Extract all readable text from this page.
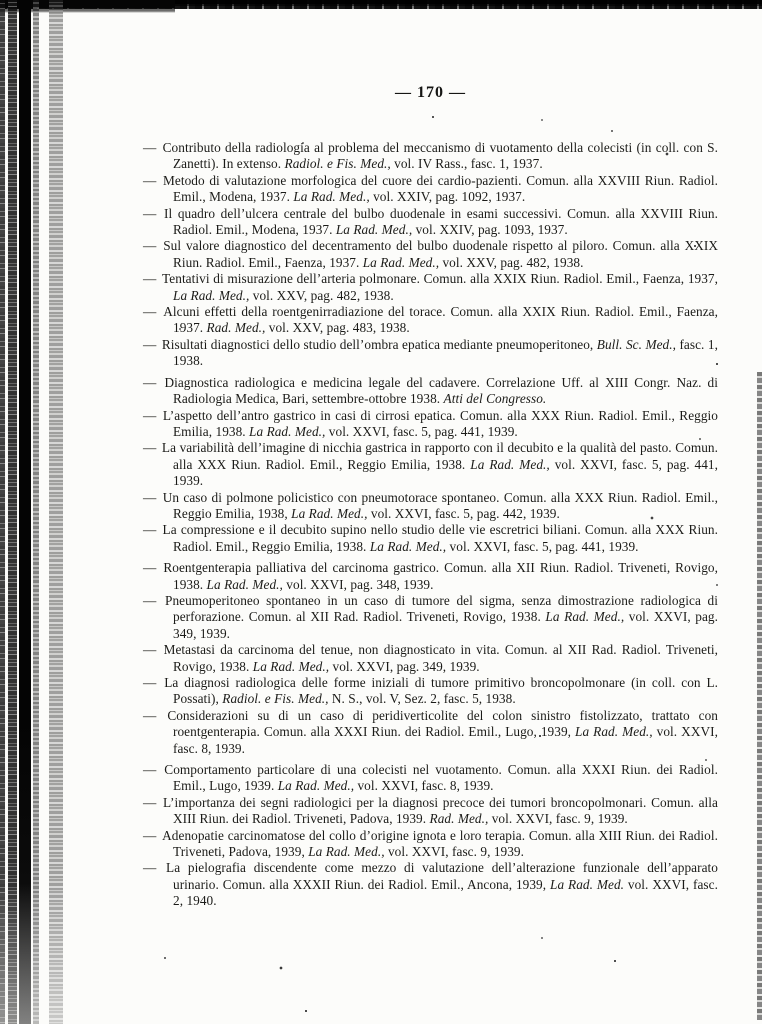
— 170 —
— Contributo della radiologia al problema del meccanismo di vuotamento della colecisti (in coll. con S. Zanetti). In extenso. Radiol. e Fis. Med., vol. IV Rass., fasc. 1, 1937.
— Metodo di valutazione morfologica del cuore dei cardio-pazienti. Comun. alla XXVIII Riun. Radiol. Emil., Modena, 1937. La Rad. Med., vol. XXIV, pag. 1092, 1937.
— Il quadro dell’ulcera centrale del bulbo duodenale in esami successivi. Comun. alla XXVIII Riun. Radiol. Emil., Modena, 1937. La Rad. Med., vol. XXIV, pag. 1093, 1937.
— Sul valore diagnostico del decentramento del bulbo duodenale rispetto al piloro. Comun. alla XXIX Riun. Radiol. Emil., Faenza, 1937. La Rad. Med., vol. XXV, pag. 482, 1938.
— Tentativi di misurazione dell’arteria polmonare. Comun. alla XXIX Riun. Radiol. Emil., Faenza, 1937, La Rad. Med., vol. XXV, pag. 482, 1938.
— Alcuni effetti della roentgenirradiazione del torace. Comun. alla XXIX Riun. Radiol. Emil., Faenza, 1937. Rad. Med., vol. XXV, pag. 483, 1938.
— Risultati diagnostici dello studio dell’ombra epatica mediante pneumoperitoneo, Bull. Sc. Med., fasc. 1, 1938.
— Diagnostica radiologica e medicina legale del cadavere. Correlazione Uff. al XIII Congr. Naz. di Radiologia Medica, Bari, settembre-ottobre 1938. Atti del Congresso.
— L’aspetto dell’antro gastrico in casi di cirrosi epatica. Comun. alla XXX Riun. Radiol. Emil., Reggio Emilia, 1938. La Rad. Med., vol. XXVI, fasc. 5, pag. 441, 1939.
— La variabilità dell’imagine di nicchia gastrica in rapporto con il decubito e la qualità del pasto. Comun. alla XXX Riun. Radiol. Emil., Reggio Emilia, 1938. La Rad. Med., vol. XXVI, fasc. 5, pag. 441, 1939.
— Un caso di polmone policistico con pneumotorace spontaneo. Comun. alla XXX Riun. Radiol. Emil., Reggio Emilia, 1938, La Rad. Med., vol. XXVI, fasc. 5, pag. 442, 1939.
— La compressione e il decubito supino nello studio delle vie escretrici biliani. Comun. alla XXX Riun. Radiol. Emil., Reggio Emilia, 1938. La Rad. Med., vol. XXVI, fasc. 5, pag. 441, 1939.
— Roentgenterapia palliativa del carcinoma gastrico. Comun. alla XII Riun. Radiol. Triveneti, Rovigo, 1938. La Rad. Med., vol. XXVI, pag. 348, 1939.
— Pneumoperitoneo spontaneo in un caso di tumore del sigma, senza dimostrazione radiologica di perforazione. Comun. al XII Rad. Radiol. Triveneti, Rovigo, 1938. La Rad. Med., vol. XXVI, pag. 349, 1939.
— Metastasi da carcinoma del tenue, non diagnosticato in vita. Comun. al XII Rad. Radiol. Triveneti, Rovigo, 1938. La Rad. Med., vol. XXVI, pag. 349, 1939.
— La diagnosi radiologica delle forme iniziali di tumore primitivo broncopolmonare (in coll. con L. Possati), Radiol. e Fis. Med., N. S., vol. V, Sez. 2, fasc. 5, 1938.
— Considerazioni su di un caso di peridiverticolite del colon sinistro fistolizzato, trattato con roentgenterapia. Comun. alla XXXI Riun. dei Radiol. Emil., Lugo, 1939, La Rad. Med., vol. XXVI, fasc. 8, 1939.
— Comportamento particolare di una colecisti nel vuotamento. Comun. alla XXXI Riun. dei Radiol. Emil., Lugo, 1939. La Rad. Med., vol. XXVI, fasc. 8, 1939.
— L’importanza dei segni radiologici per la diagnosi precoce dei tumori broncopolmonari. Comun. alla XIII Riun. dei Radiol. Triveneti, Padova, 1939. Rad. Med., vol. XXVI, fasc. 9, 1939.
— Adenopatie carcinomatose del collo d’origine ignota e loro terapia. Comun. alla XIII Riun. dei Radiol. Triveneti, Padova, 1939, La Rad. Med., vol. XXVI, fasc. 9, 1939.
— La pielografia discendente come mezzo di valutazione dell’alterazione funzionale dell’apparato urinario. Comun. alla XXXII Riun. dei Radiol. Emil., Ancona, 1939, La Rad. Med. vol. XXVI, fasc. 2, 1940.
